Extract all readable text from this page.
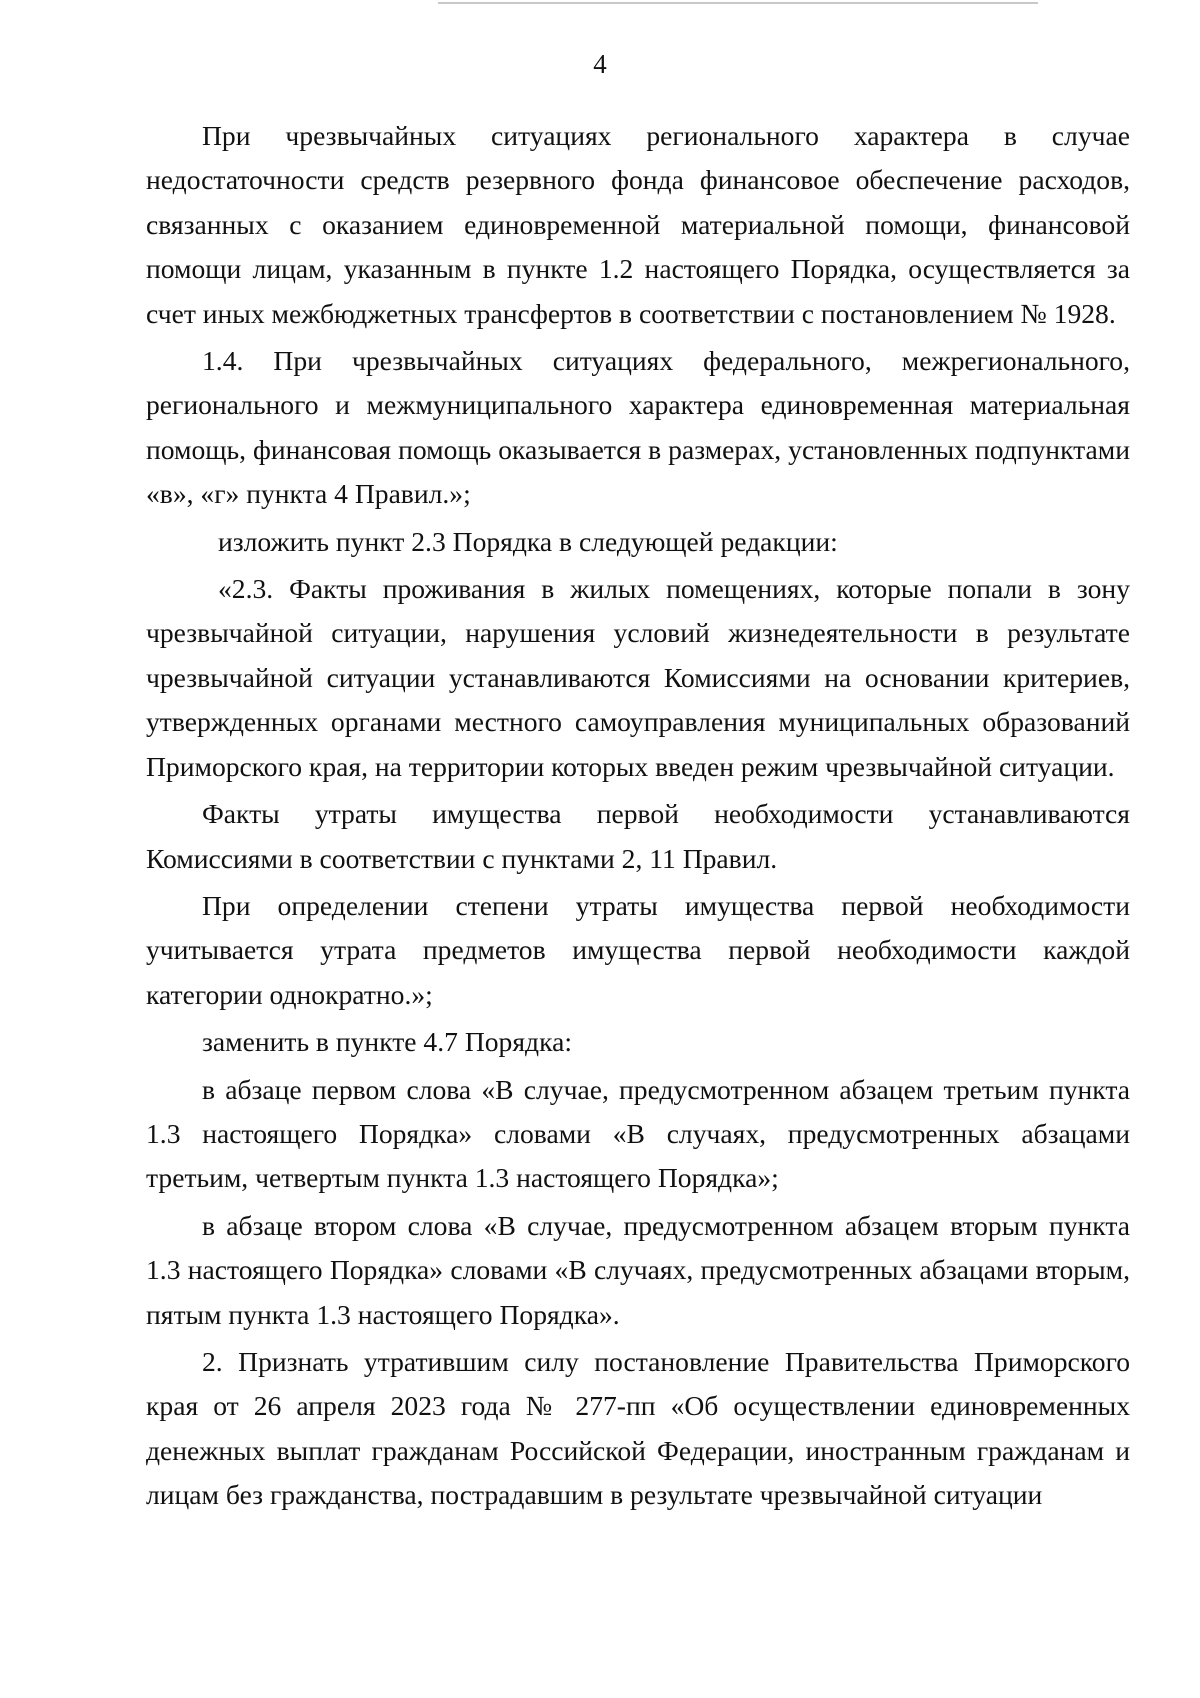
4

При чрезвычайных ситуациях регионального характера в случае недостаточности средств резервного фонда финансовое обеспечение расходов, связанных с оказанием единовременной материальной помощи, финансовой помощи лицам, указанным в пункте 1.2 настоящего Порядка, осуществляется за счет иных межбюджетных трансфертов в соответствии с постановлением № 1928.

1.4. При чрезвычайных ситуациях федерального, межрегионального, регионального и межмуниципального характера единовременная материальная помощь, финансовая помощь оказывается в размерах, установленных подпунктами «в», «г» пункта 4 Правил.»;

изложить пункт 2.3 Порядка в следующей редакции:

«2.3. Факты проживания в жилых помещениях, которые попали в зону чрезвычайной ситуации, нарушения условий жизнедеятельности в результате чрезвычайной ситуации устанавливаются Комиссиями на основании критериев, утвержденных органами местного самоуправления муниципальных образований Приморского края, на территории которых введен режим чрезвычайной ситуации.

Факты утраты имущества первой необходимости устанавливаются Комиссиями в соответствии с пунктами 2, 11 Правил.

При определении степени утраты имущества первой необходимости учитывается утрата предметов имущества первой необходимости каждой категории однократно.»;

заменить в пункте 4.7 Порядка:

в абзаце первом слова «В случае, предусмотренном абзацем третьим пункта 1.3 настоящего Порядка» словами «В случаях, предусмотренных абзацами третьим, четвертым пункта 1.3 настоящего Порядка»;

в абзаце втором слова «В случае, предусмотренном абзацем вторым пункта 1.3 настоящего Порядка» словами «В случаях, предусмотренных абзацами вторым, пятым пункта 1.3 настоящего Порядка».

2. Признать утратившим силу постановление Правительства Приморского края от 26 апреля 2023 года № 277-пп «Об осуществлении единовременных денежных выплат гражданам Российской Федерации, иностранным гражданам и лицам без гражданства, пострадавшим в результате чрезвычайной ситуации
